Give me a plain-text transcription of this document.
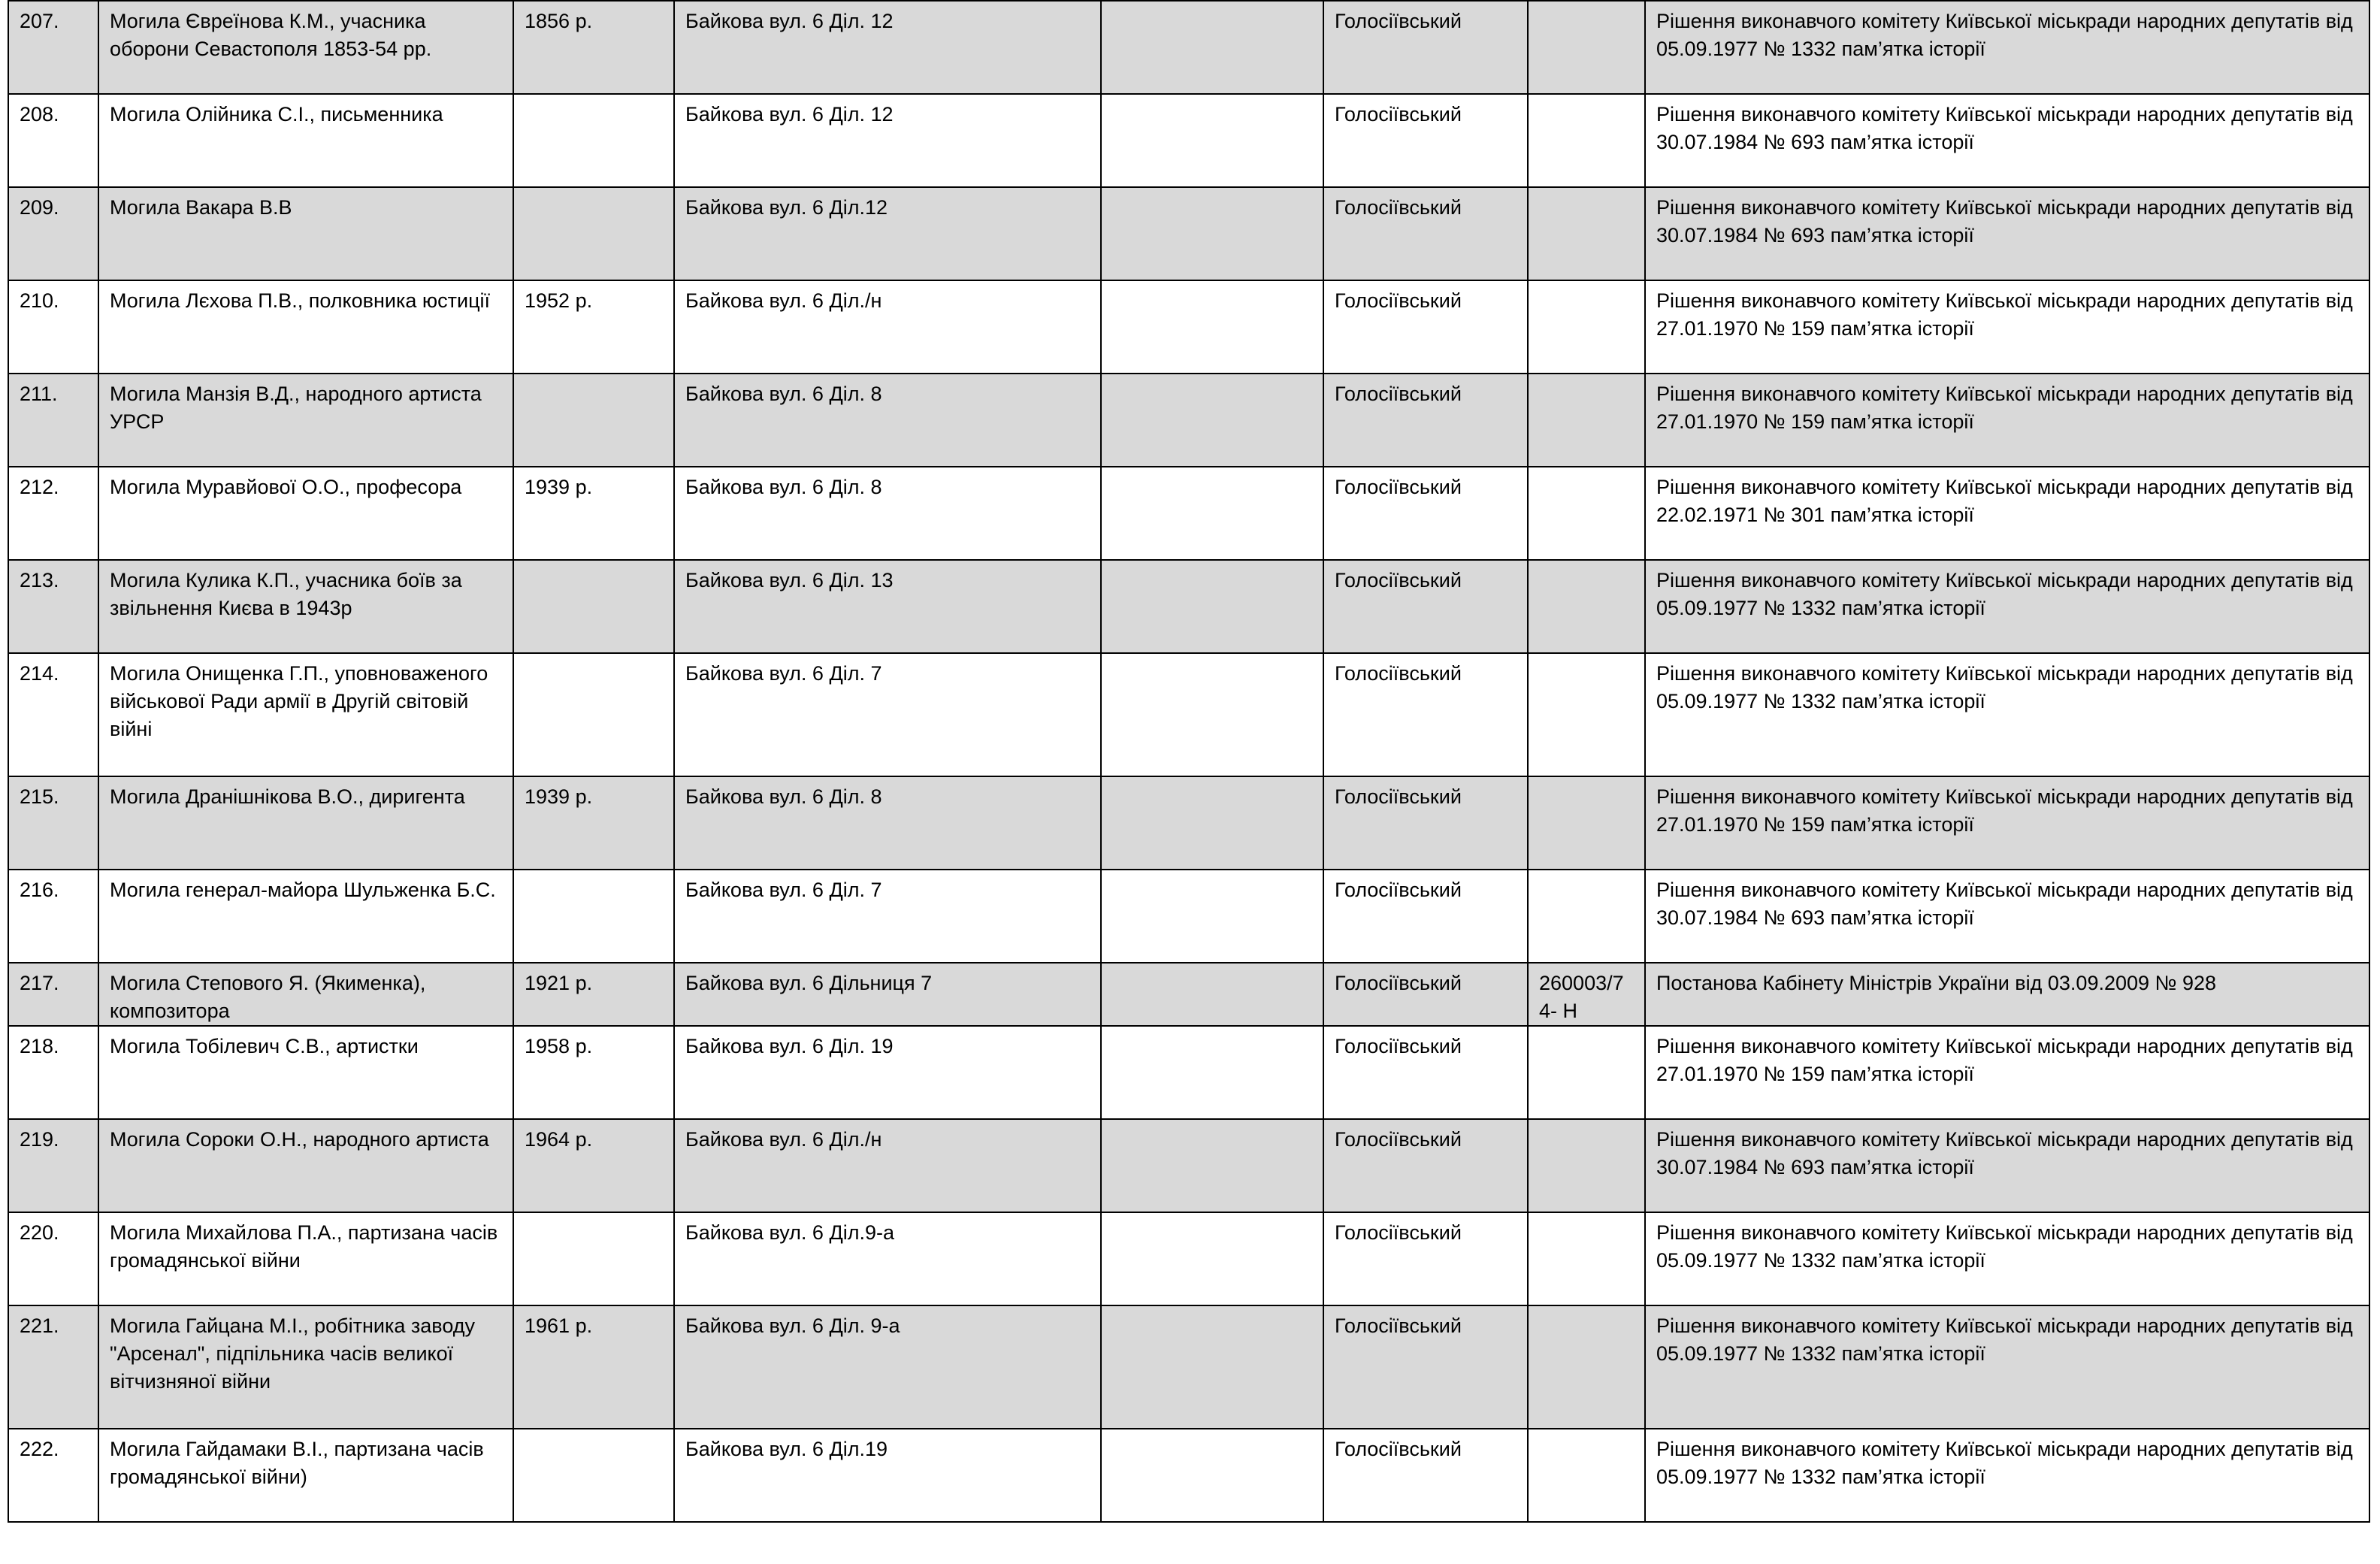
207.	Могила Євреїнова К.М., учасника оборони Севастополя 1853-54 рр.	1856 р.	Байкова вул. 6 Діл. 12		Голосіївський		Рішення виконавчого комітету Київської міськради народних депутатів від 05.09.1977 № 1332 пам’ятка історії
208.	Могила Олійника С.І., письменника		Байкова вул. 6 Діл. 12		Голосіївський		Рішення виконавчого комітету Київської міськради народних депутатів від 30.07.1984 № 693 пам’ятка історії
209.	Могила Вакара В.В		Байкова вул. 6 Діл.12		Голосіївський		Рішення виконавчого комітету Київської міськради народних депутатів від 30.07.1984 № 693 пам’ятка історії
210.	Могила Лєхова П.В., полковника юстиції	1952 р.	Байкова вул. 6 Діл./н		Голосіївський		Рішення виконавчого комітету Київської міськради народних депутатів від 27.01.1970 № 159 пам’ятка історії
211.	Могила Манзія В.Д., народного артиста УРСР		Байкова вул. 6 Діл. 8		Голосіївський		Рішення виконавчого комітету Київської міськради народних депутатів від 27.01.1970 № 159 пам’ятка історії
212.	Могила Муравйової О.О., професора	1939 р.	Байкова вул. 6 Діл. 8		Голосіївський		Рішення виконавчого комітету Київської міськради народних депутатів від 22.02.1971 № 301 пам’ятка історії
213.	Могила Кулика К.П., учасника боїв за звільнення Києва в 1943р		Байкова вул. 6 Діл. 13		Голосіївський		Рішення виконавчого комітету Київської міськради народних депутатів від 05.09.1977 № 1332 пам’ятка історії
214.	Могила Онищенка Г.П., уповноваженого військової Ради армії в Другій світовій війні		Байкова вул. 6 Діл. 7		Голосіївський		Рішення виконавчого комітету Київської міськради народних депутатів від 05.09.1977 № 1332 пам’ятка історії
215.	Могила Дранішнікова В.О., диригента	1939 р.	Байкова вул. 6 Діл. 8		Голосіївський		Рішення виконавчого комітету Київської міськради народних депутатів від 27.01.1970 № 159 пам’ятка історії
216.	Могила генерал-майора Шульженка Б.С.		Байкова вул. 6 Діл. 7		Голосіївський		Рішення виконавчого комітету Київської міськради народних депутатів від 30.07.1984 № 693 пам’ятка історії
217.	Могила Степового Я. (Якименка), композитора	1921 р.	Байкова вул. 6 Дільниця 7		Голосіївський	260003/7 4- Н	Постанова Кабінету Міністрів України від 03.09.2009 № 928
218.	Могила Тобілевич С.В., артистки	1958 р.	Байкова вул. 6 Діл. 19		Голосіївський		Рішення виконавчого комітету Київської міськради народних депутатів від 27.01.1970 № 159 пам’ятка історії
219.	Могила Сороки О.Н., народного артиста	1964 р.	Байкова вул. 6 Діл./н		Голосіївський		Рішення виконавчого комітету Київської міськради народних депутатів від 30.07.1984 № 693 пам’ятка історії
220.	Могила Михайлова П.А., партизана часів громадянської війни		Байкова вул. 6 Діл.9-а		Голосіївський		Рішення виконавчого комітету Київської міськради народних депутатів від 05.09.1977 № 1332 пам’ятка історії
221.	Могила Гайцана М.І., робітника заводу "Арсенал", підпільника часів великої вітчизняної війни	1961 р.	Байкова вул. 6 Діл. 9-а		Голосіївський		Рішення виконавчого комітету Київської міськради народних депутатів від 05.09.1977 № 1332 пам’ятка історії
222.	Могила Гайдамаки В.І., партизана часів громадянської війни)		Байкова вул. 6 Діл.19		Голосіївський		Рішення виконавчого комітету Київської міськради народних депутатів від 05.09.1977 № 1332 пам’ятка історії
